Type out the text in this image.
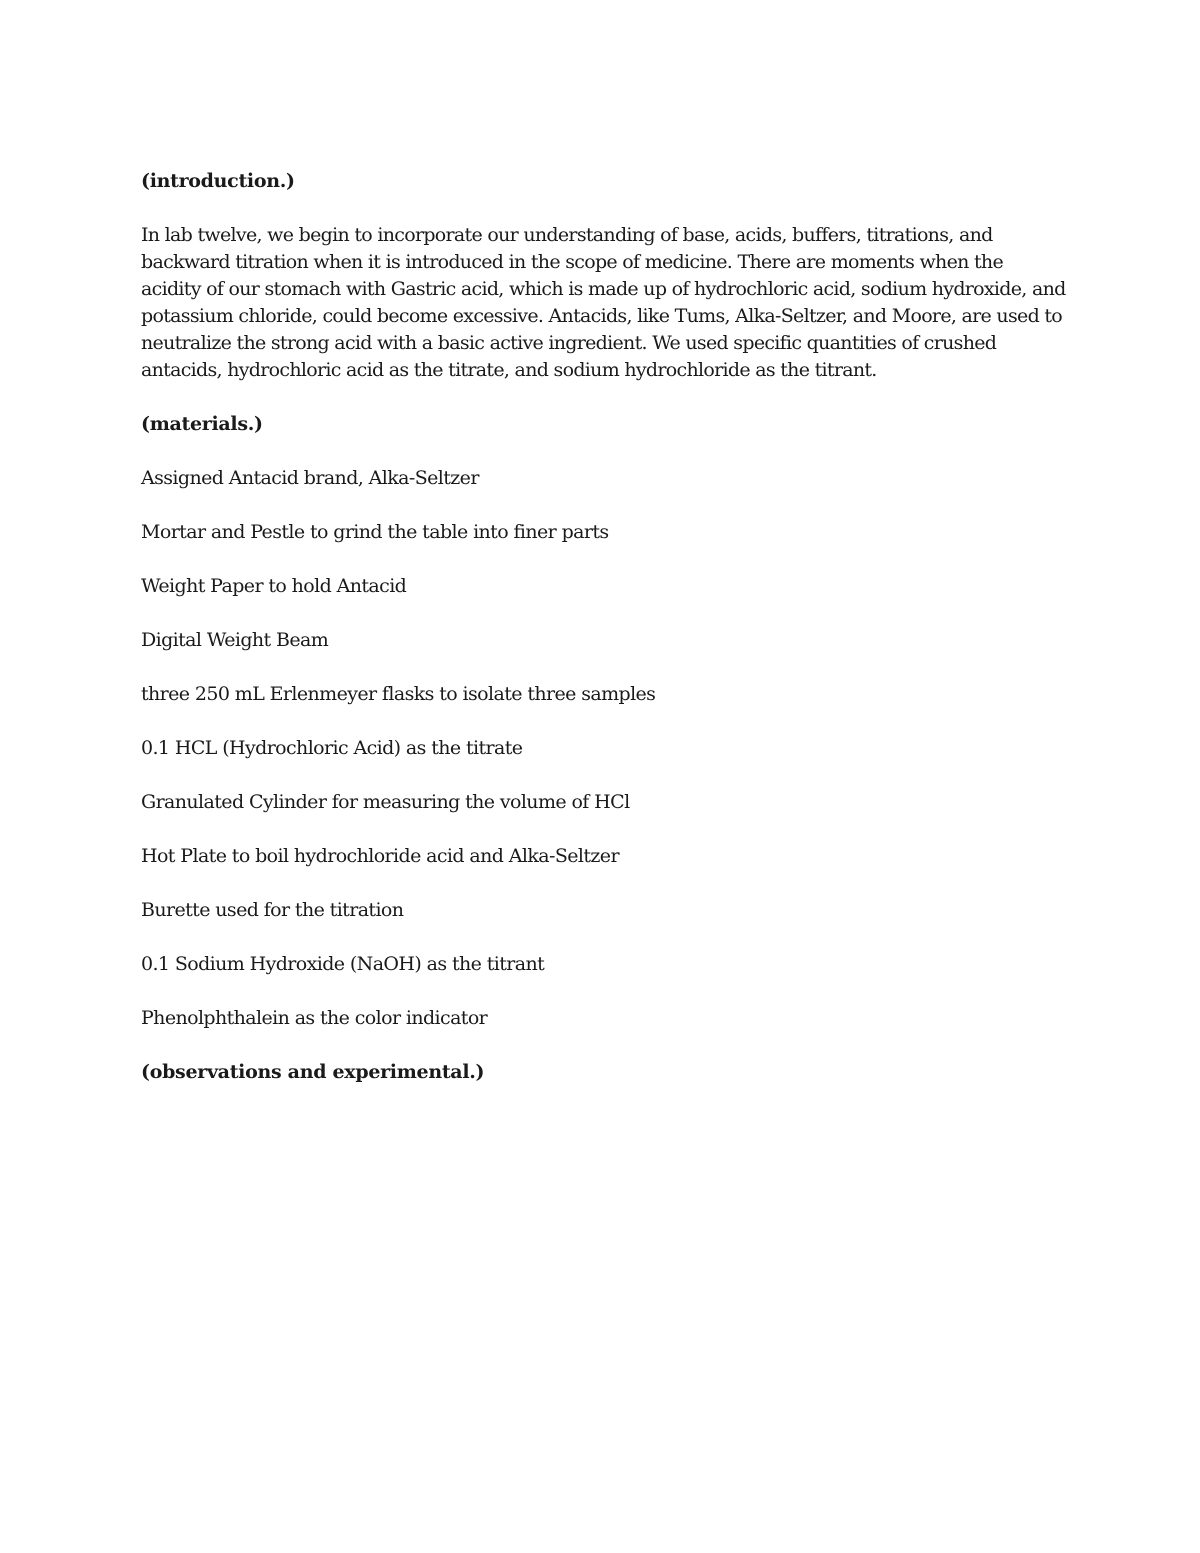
(introduction.)

In lab twelve, we begin to incorporate our understanding of base, acids, buffers, titrations, and backward titration when it is introduced in the scope of medicine. There are moments when the acidity of our stomach with Gastric acid, which is made up of hydrochloric acid, sodium hydroxide, and potassium chloride, could become excessive. Antacids, like Tums, Alka-Seltzer, and Moore, are used to neutralize the strong acid with a basic active ingredient. We used specific quantities of crushed antacids, hydrochloric acid as the titrate, and sodium hydrochloride as the titrant.

(materials.)
Assigned Antacid brand, Alka-Seltzer
Mortar and Pestle to grind the table into finer parts
Weight Paper to hold Antacid
Digital Weight Beam
three 250 mL Erlenmeyer flasks to isolate three samples
0.1 HCL (Hydrochloric Acid) as the titrate
Granulated Cylinder for measuring the volume of HCl
Hot Plate to boil hydrochloride acid and Alka-Seltzer
Burette used for the titration
0.1 Sodium Hydroxide (NaOH) as the titrant
Phenolphthalein as the color indicator
(observations and experimental.)
